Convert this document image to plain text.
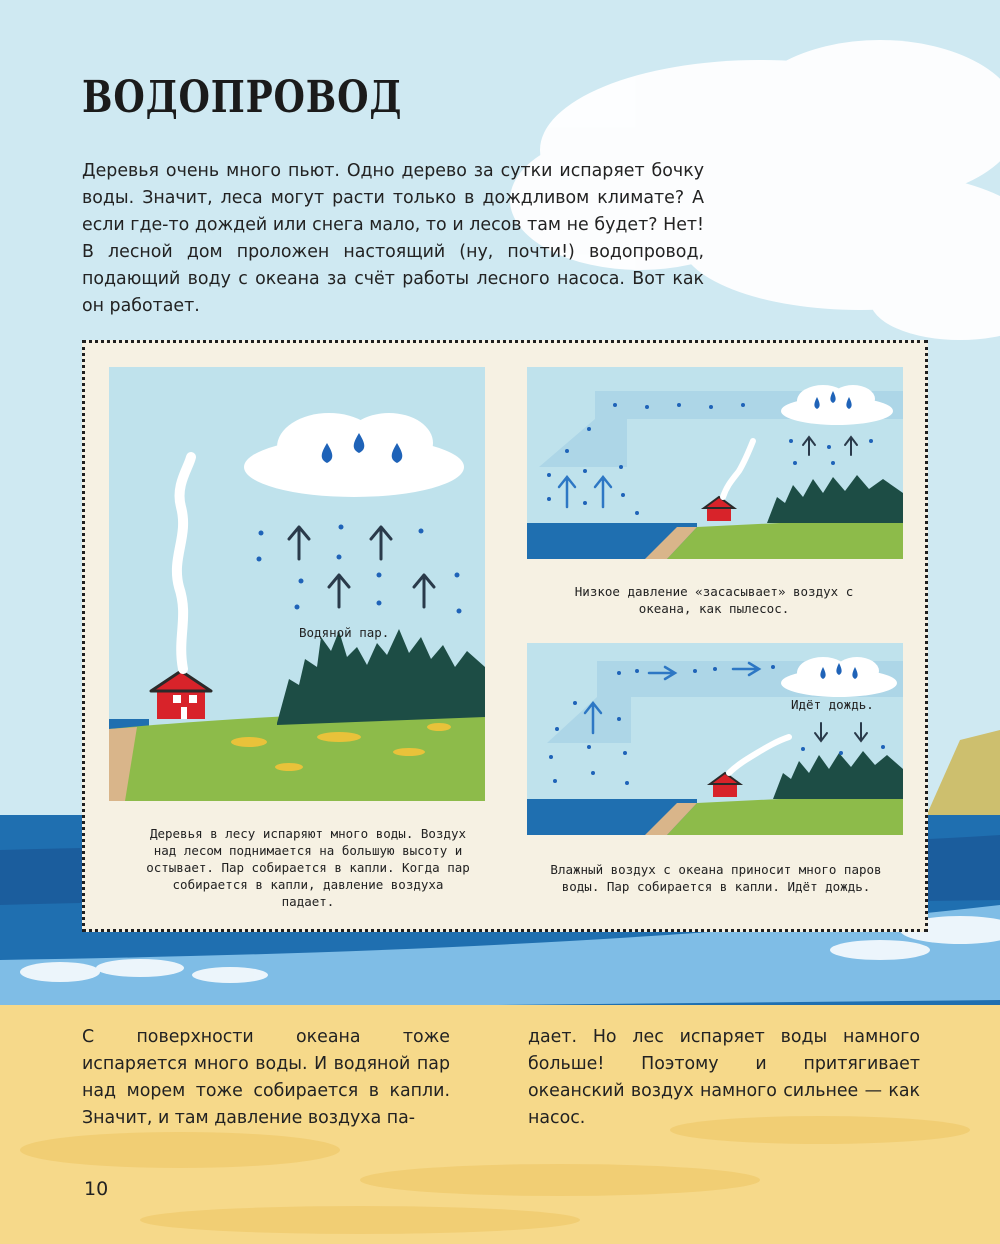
ВОДОПРОВОД

Деревья очень много пьют. Одно дерево за сутки испаряет бочку воды. Значит, леса могут расти только в дождливом климате? А если где-то дождей или снега мало, то и лесов там не будет? Нет! В лесной дом проложен настоящий (ну, почти!) водопровод, подающий воду с океана за счёт работы лесного насоса. Вот как он работает.

Водяной пар.

Деревья в лесу испаряют много воды. Воздух над лесом поднимается на большую высоту и остывает. Пар собирается в капли. Когда пар собирается в капли, давление воздуха падает.

Низкое давление «засасывает» воздух с океана, как пылесос.

Идёт дождь.

Влажный воздух с океана приносит много паров воды. Пар собирается в капли. Идёт дождь.

С поверхности океана тоже испаряется много воды. И водяной пар над морем тоже собирается в капли. Значит, и там давление воздуха па-

дает. Но лес испаряет воды намного больше! Поэтому и притягивает океанский воздух намного сильнее — как насос.

10
